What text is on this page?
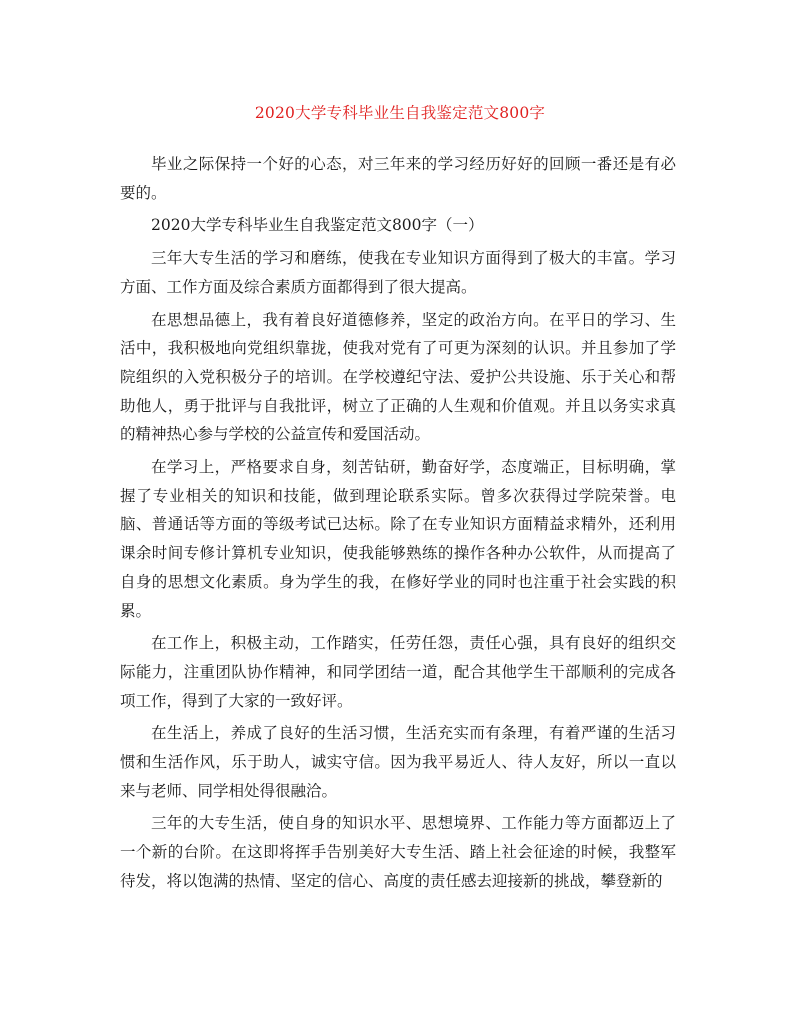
2020大学专科毕业生自我鉴定范文800字

毕业之际保持一个好的心态，对三年来的学习经历好好的回顾一番还是有必要的。

2020大学专科毕业生自我鉴定范文800字（一）

三年大专生活的学习和磨练，使我在专业知识方面得到了极大的丰富。学习方面、工作方面及综合素质方面都得到了很大提高。

在思想品德上，我有着良好道德修养，坚定的政治方向。在平日的学习、生活中，我积极地向党组织靠拢，使我对党有了可更为深刻的认识。并且参加了学院组织的入党积极分子的培训。在学校遵纪守法、爱护公共设施、乐于关心和帮助他人，勇于批评与自我批评，树立了正确的人生观和价值观。并且以务实求真的精神热心参与学校的公益宣传和爱国活动。

在学习上，严格要求自身，刻苦钻研，勤奋好学，态度端正，目标明确，掌握了专业相关的知识和技能，做到理论联系实际。曾多次获得过学院荣誉。电脑、普通话等方面的等级考试已达标。除了在专业知识方面精益求精外，还利用课余时间专修计算机专业知识，使我能够熟练的操作各种办公软件，从而提高了自身的思想文化素质。身为学生的我，在修好学业的同时也注重于社会实践的积累。

在工作上，积极主动，工作踏实，任劳任怨，责任心强，具有良好的组织交际能力，注重团队协作精神，和同学团结一道，配合其他学生干部顺利的完成各项工作，得到了大家的一致好评。

在生活上，养成了良好的生活习惯，生活充实而有条理，有着严谨的生活习惯和生活作风，乐于助人，诚实守信。因为我平易近人、待人友好，所以一直以来与老师、同学相处得很融洽。

三年的大专生活，使自身的知识水平、思想境界、工作能力等方面都迈上了一个新的台阶。在这即将挥手告别美好大专生活、踏上社会征途的时候，我整军待发，将以饱满的热情、坚定的信心、高度的责任感去迎接新的挑战，攀登新的
